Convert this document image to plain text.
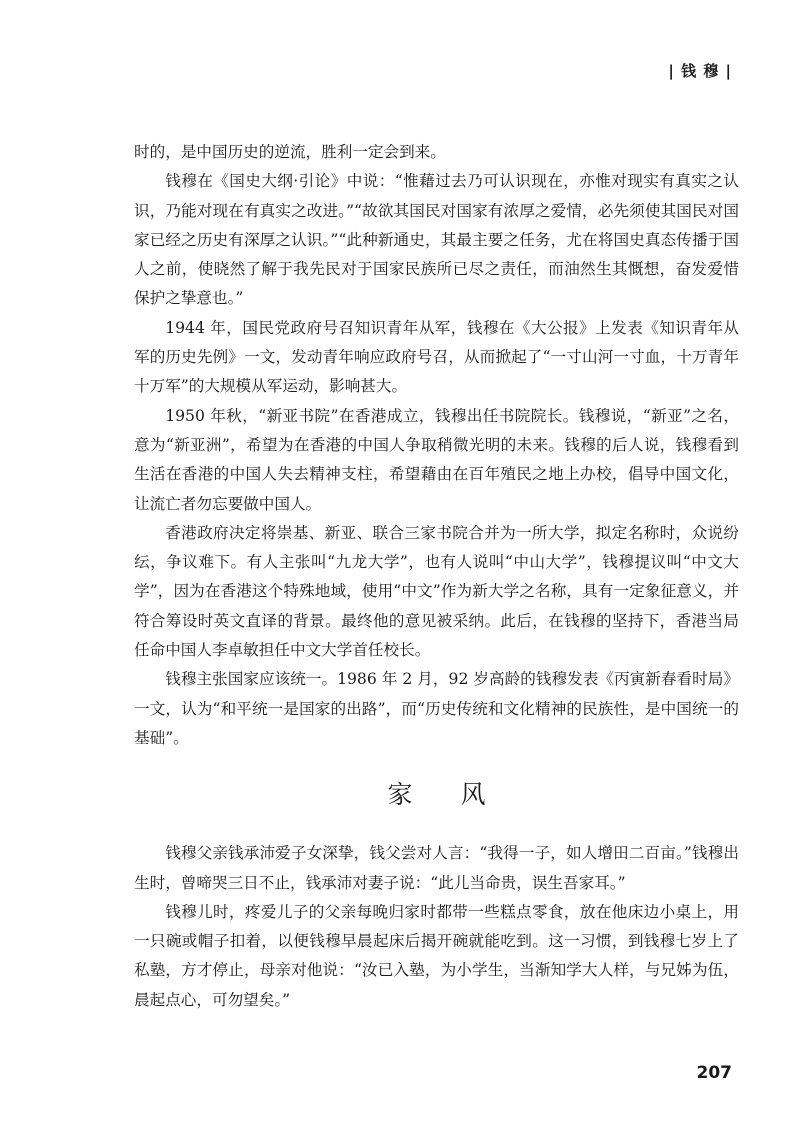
| 钱 穆 |

时的，是中国历史的逆流，胜利一定会到来。

钱穆在《国史大纲·引论》中说：“惟藉过去乃可认识现在，亦惟对现实有真实之认识，乃能对现在有真实之改进。”“故欲其国民对国家有浓厚之爱情，必先须使其国民对国家已经之历史有深厚之认识。”“此种新通史，其最主要之任务，尤在将国史真态传播于国人之前，使晓然了解于我先民对于国家民族所已尽之责任，而油然生其慨想，奋发爱惜保护之挚意也。”

1944 年，国民党政府号召知识青年从军，钱穆在《大公报》上发表《知识青年从军的历史先例》一文，发动青年响应政府号召，从而掀起了“一寸山河一寸血，十万青年十万军”的大规模从军运动，影响甚大。

1950 年秋，“新亚书院”在香港成立，钱穆出任书院院长。钱穆说，“新亚”之名，意为“新亚洲”，希望为在香港的中国人争取稍微光明的未来。钱穆的后人说，钱穆看到生活在香港的中国人失去精神支柱，希望藉由在百年殖民之地上办校，倡导中国文化，让流亡者勿忘要做中国人。

香港政府决定将崇基、新亚、联合三家书院合并为一所大学，拟定名称时，众说纷纭，争议难下。有人主张叫“九龙大学”，也有人说叫“中山大学”，钱穆提议叫“中文大学”，因为在香港这个特殊地域，使用“中文”作为新大学之名称，具有一定象征意义，并符合筹设时英文直译的背景。最终他的意见被采纳。此后，在钱穆的坚持下，香港当局任命中国人李卓敏担任中文大学首任校长。

钱穆主张国家应该统一。1986 年 2 月，92 岁高龄的钱穆发表《丙寅新春看时局》一文，认为“和平统一是国家的出路”，而“历史传统和文化精神的民族性，是中国统一的基础”。

家 风

钱穆父亲钱承沛爱子女深挚，钱父尝对人言：“我得一子，如人增田二百亩。”钱穆出生时，曾啼哭三日不止，钱承沛对妻子说：“此儿当命贵，误生吾家耳。”

钱穆儿时，疼爱儿子的父亲每晚归家时都带一些糕点零食，放在他床边小桌上，用一只碗或帽子扣着，以便钱穆早晨起床后揭开碗就能吃到。这一习惯，到钱穆七岁上了私塾，方才停止，母亲对他说：“汝已入塾，为小学生，当渐知学大人样，与兄姊为伍，晨起点心，可勿望矣。”

207
